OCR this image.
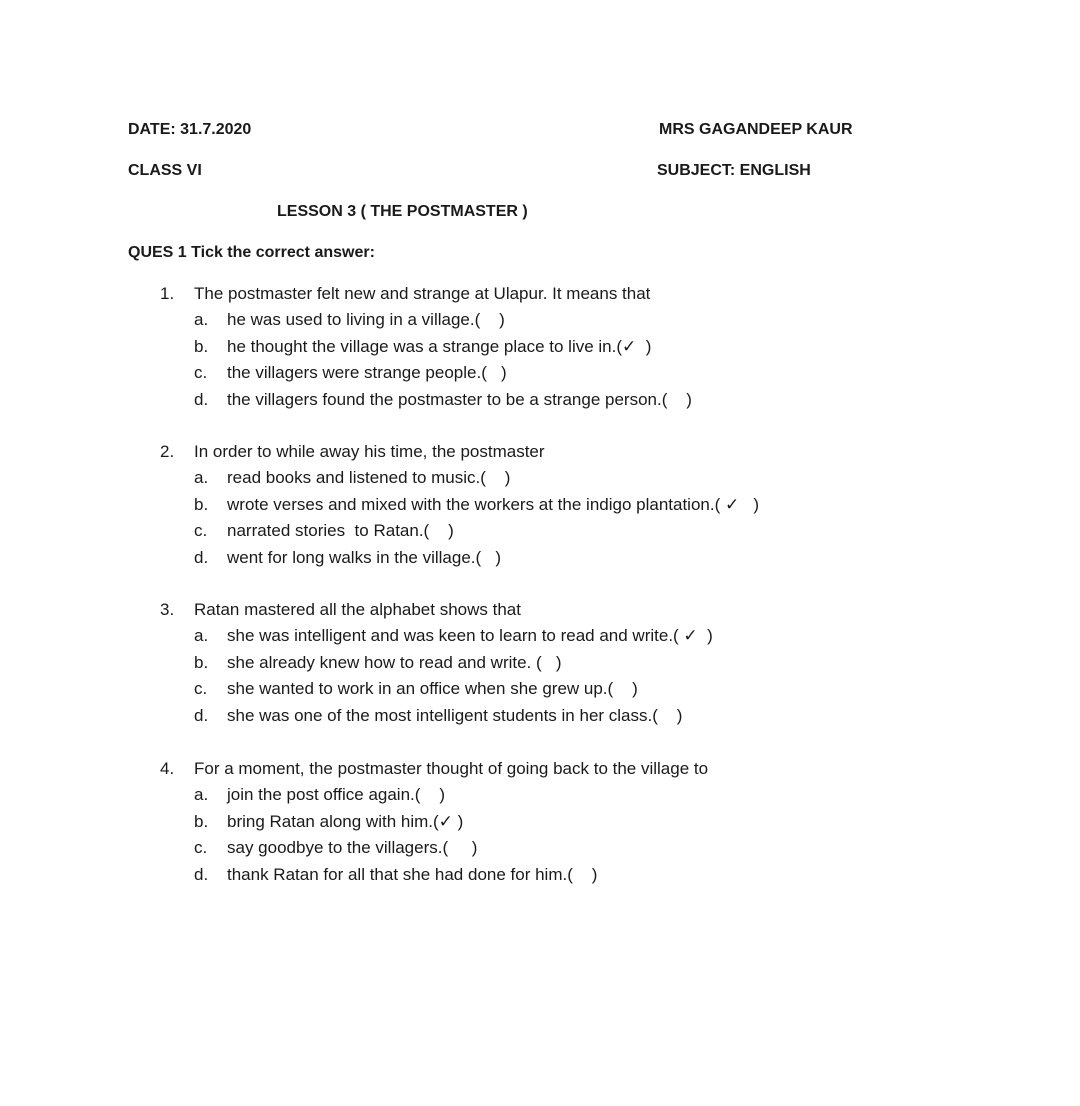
DATE: 31.7.2020	MRS GAGANDEEP KAUR
CLASS VI	SUBJECT: ENGLISH
LESSON 3 ( THE POSTMASTER )
QUES 1 Tick the correct answer:
1.	The postmaster felt new and strange at Ulapur. It means that
a.	he was used to living in a village.(    )
b.	he thought the village was a strange place to live in.(✓  )
c.	the villagers were strange people.(   )
d.	the villagers found the postmaster to be a strange person.(    )
2.	In order to while away his time, the postmaster
a.	read books and listened to music.(    )
b.	wrote verses and mixed with the workers at the indigo plantation.( ✓   )
c.	narrated stories  to Ratan.(    )
d.	went for long walks in the village.(   )
3.	Ratan mastered all the alphabet shows that
a.	she was intelligent and was keen to learn to read and write.( ✓  )
b.	she already knew how to read and write. (   )
c.	she wanted to work in an office when she grew up.(    )
d.	she was one of the most intelligent students in her class.(    )
4.	For a moment, the postmaster thought of going back to the village to
a.	join the post office again.(    )
b.	bring Ratan along with him.(✓ )
c.	say goodbye to the villagers.(     )
d.	thank Ratan for all that she had done for him.(    )
